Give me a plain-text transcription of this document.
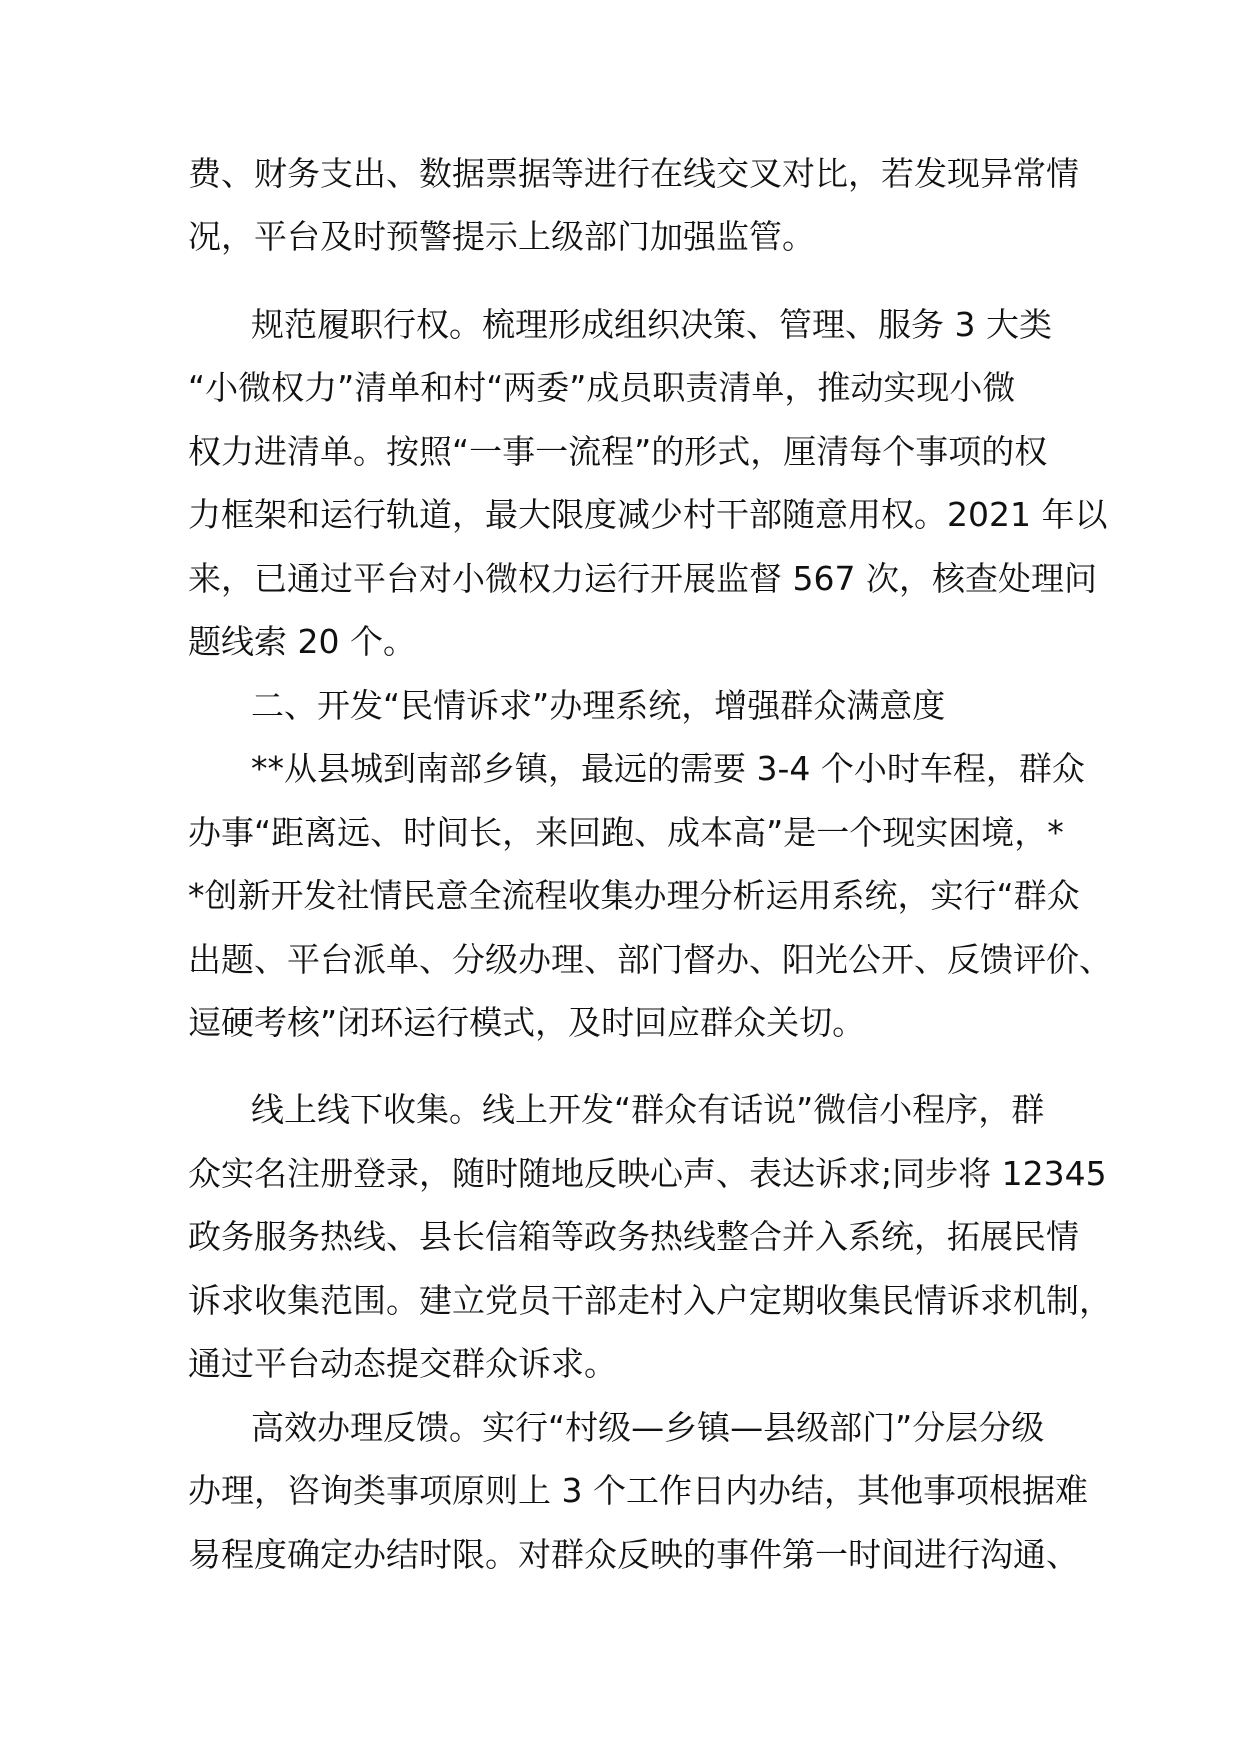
费、财务支出、数据票据等进行在线交叉对比，若发现异常情

况，平台及时预警提示上级部门加强监管。

规范履职行权。梳理形成组织决策、管理、服务 3 大类

“小微权力”清单和村“两委”成员职责清单，推动实现小微

权力进清单。按照“一事一流程”的形式，厘清每个事项的权

力框架和运行轨道，最大限度减少村干部随意用权。2021 年以

来，已通过平台对小微权力运行开展监督 567 次，核查处理问

题线索 20 个。

二、开发“民情诉求”办理系统，增强群众满意度

**从县城到南部乡镇，最远的需要 3-4 个小时车程，群众

办事“距离远、时间长，来回跑、成本高”是一个现实困境，*

*创新开发社情民意全流程收集办理分析运用系统，实行“群众

出题、平台派单、分级办理、部门督办、阳光公开、反馈评价、

逗硬考核”闭环运行模式，及时回应群众关切。

线上线下收集。线上开发“群众有话说”微信小程序，群

众实名注册登录，随时随地反映心声、表达诉求;同步将 12345

政务服务热线、县长信箱等政务热线整合并入系统，拓展民情

诉求收集范围。建立党员干部走村入户定期收集民情诉求机制，

通过平台动态提交群众诉求。

高效办理反馈。实行“村级—乡镇—县级部门”分层分级

办理，咨询类事项原则上 3 个工作日内办结，其他事项根据难

易程度确定办结时限。对群众反映的事件第一时间进行沟通、
